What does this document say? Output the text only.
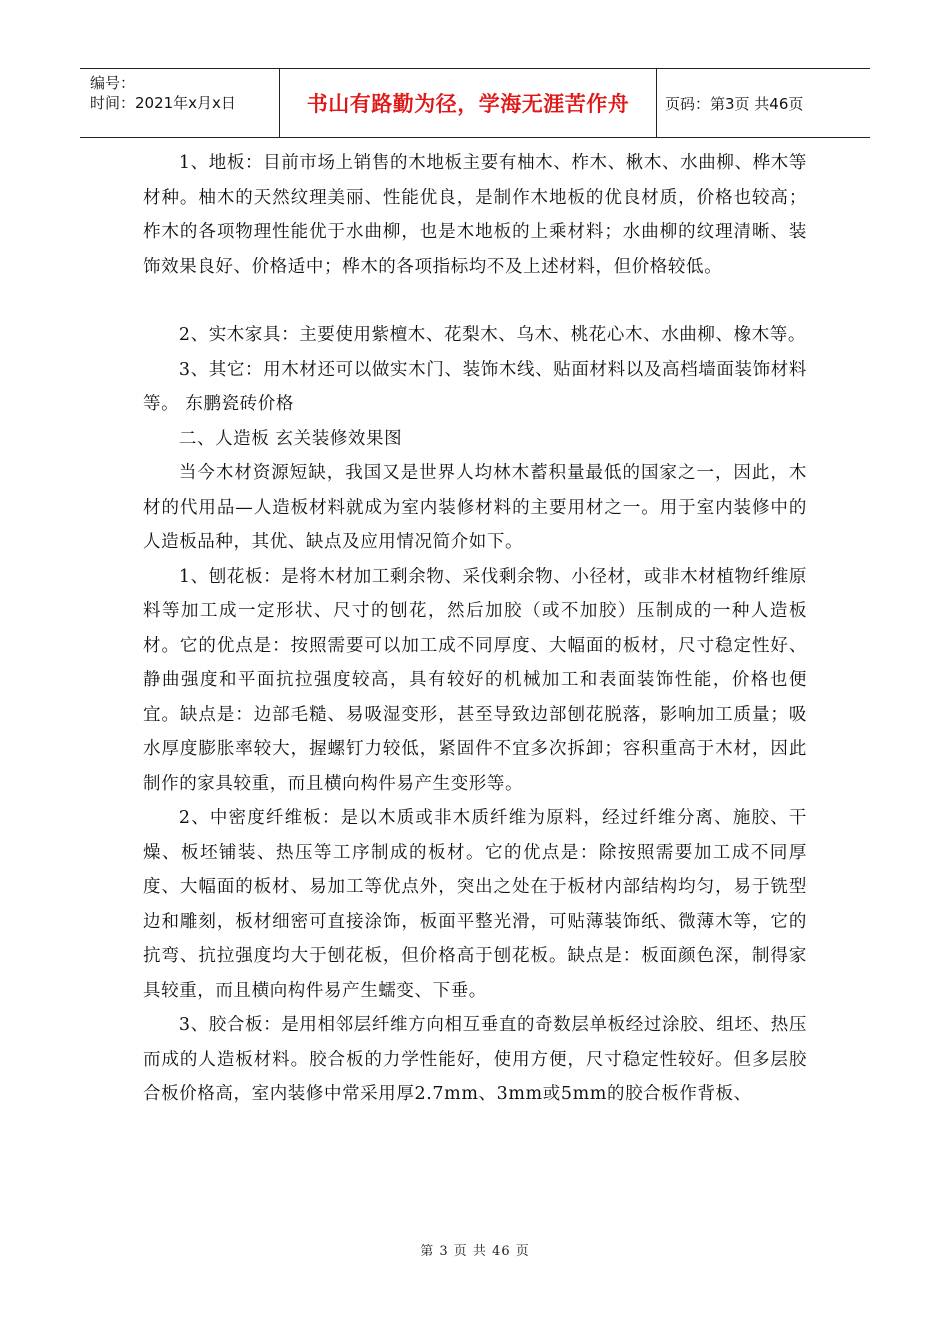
编号：
时间：2021年x月x日	书山有路勤为径，学海无涯苦作舟	页码：第3页 共46页

1、地板：目前市场上销售的木地板主要有柚木、柞木、楸木、水曲柳、桦木等材种。柚木的天然纹理美丽、性能优良，是制作木地板的优良材质，价格也较高；柞木的各项物理性能优于水曲柳，也是木地板的上乘材料；水曲柳的纹理清晰、装饰效果良好、价格适中；桦木的各项指标均不及上述材料，但价格较低。

2、实木家具：主要使用紫檀木、花梨木、乌木、桃花心木、水曲柳、橡木等。

3、其它：用木材还可以做实木门、装饰木线、贴面材料以及高档墙面装饰材料等。 东鹏瓷砖价格

二、人造板 玄关装修效果图

当今木材资源短缺，我国又是世界人均林木蓄积量最低的国家之一，因此，木材的代用品—人造板材料就成为室内装修材料的主要用材之一。用于室内装修中的人造板品种，其优、缺点及应用情况简介如下。

1、刨花板：是将木材加工剩余物、采伐剩余物、小径材，或非木材植物纤维原料等加工成一定形状、尺寸的刨花，然后加胶（或不加胶）压制成的一种人造板材。它的优点是：按照需要可以加工成不同厚度、大幅面的板材，尺寸稳定性好、静曲强度和平面抗拉强度较高，具有较好的机械加工和表面装饰性能，价格也便宜。缺点是：边部毛糙、易吸湿变形，甚至导致边部刨花脱落，影响加工质量；吸水厚度膨胀率较大，握螺钉力较低，紧固件不宜多次拆卸；容积重高于木材，因此制作的家具较重，而且横向构件易产生变形等。

2、中密度纤维板：是以木质或非木质纤维为原料，经过纤维分离、施胶、干燥、板坯铺装、热压等工序制成的板材。它的优点是：除按照需要加工成不同厚度、大幅面的板材、易加工等优点外，突出之处在于板材内部结构均匀，易于铣型边和雕刻，板材细密可直接涂饰，板面平整光滑，可贴薄装饰纸、微薄木等，它的抗弯、抗拉强度均大于刨花板，但价格高于刨花板。缺点是：板面颜色深，制得家具较重，而且横向构件易产生蠕变、下垂。

3、胶合板：是用相邻层纤维方向相互垂直的奇数层单板经过涂胶、组坯、热压而成的人造板材料。胶合板的力学性能好，使用方便，尺寸稳定性较好。但多层胶合板价格高，室内装修中常采用厚2.7mm、3mm或5mm的胶合板作背板、

第 3 页 共 46 页
